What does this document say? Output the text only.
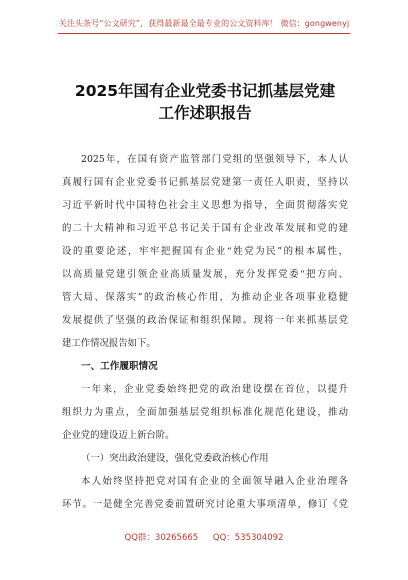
关注头条号“公文研究”，获得最新最全最专业的公文资料库！ 微信：gongwenyj
2025年国有企业党委书记抓基层党建
工作述职报告
2025年，在国有资产监管部门党组的坚强领导下，本人认
真履行国有企业党委书记抓基层党建第一责任人职责，坚持以
习近平新时代中国特色社会主义思想为指导，全面贯彻落实党
的二十大精神和习近平总书记关于国有企业改革发展和党的建
设的重要论述，牢牢把握国有企业“姓党为民”的根本属性，
以高质量党建引领企业高质量发展，充分发挥党委“把方向、
管大局、保落实”的政治核心作用，为推动企业各项事业稳健
发展提供了坚强的政治保证和组织保障。现将一年来抓基层党
建工作情况报告如下。
一、工作履职情况
一年来，企业党委始终把党的政治建设摆在首位，以提升
组织力为重点，全面加强基层党组织标准化规范化建设，推动
企业党的建设迈上新台阶。
（一）突出政治建设，强化党委政治核心作用
本人始终坚持把党对国有企业的全面领导融入企业治理各
环节。一是健全完善党委前置研究讨论重大事项清单，修订《党
QQ群：30265665 QQ：535304092
